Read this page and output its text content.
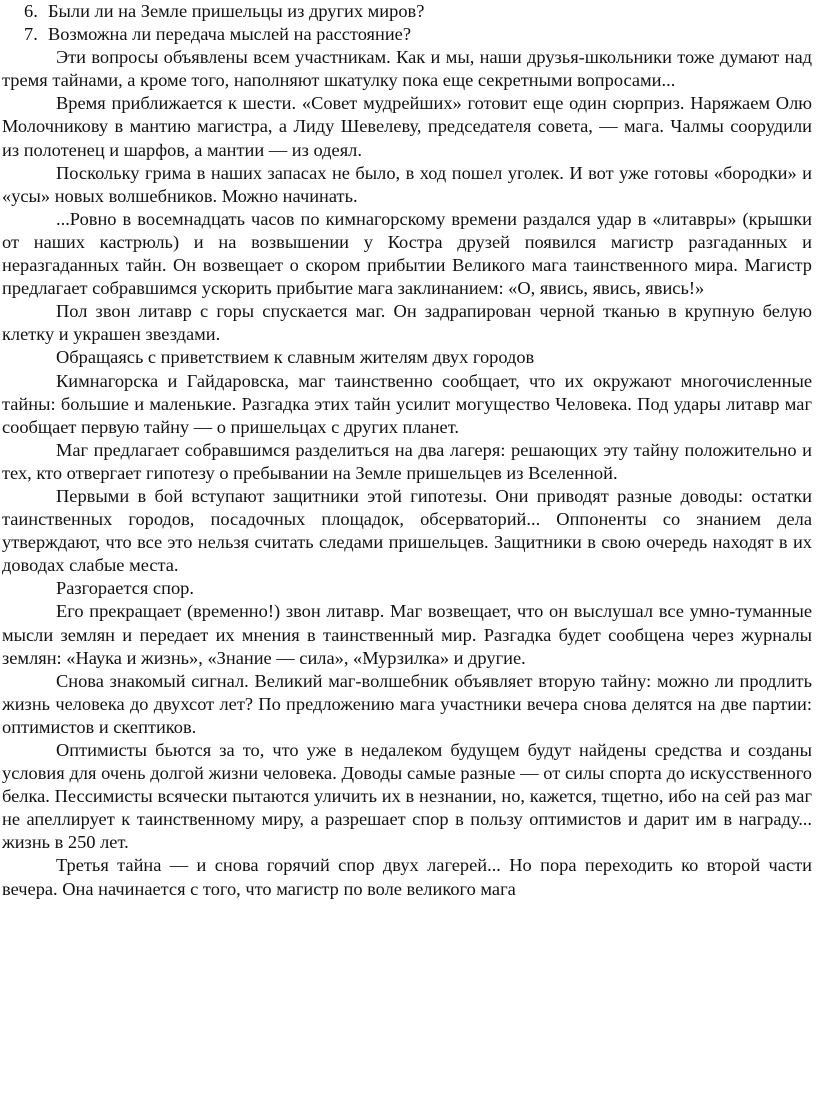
6. Были ли на Земле пришельцы из других миров?

7. Возможна ли передача мыслей на расстояние?

Эти вопросы объявлены всем участникам. Как и мы, наши друзья-школьники тоже думают над тремя тайнами, а кроме того, наполняют шкатулку пока еще секретными вопросами...

Время приближается к шести. «Совет мудрейших» готовит еще один сюрприз. Наряжаем Олю Молочникову в мантию магистра, а Лиду Шевелеву, председателя совета, — мага. Чалмы соорудили из полотенец и шарфов, а мантии — из одеял.

Поскольку грима в наших запасах не было, в ход пошел уголек. И вот уже готовы «бородки» и «усы» новых волшебников. Можно начинать.

...Ровно в восемнадцать часов по кимнагорскому времени раздался удар в «литавры» (крышки от наших кастрюль) и на возвышении у Костра друзей появился магистр разгаданных и неразгаданных тайн. Он возвещает о скором прибытии Великого мага таинственного мира. Магистр предлагает собравшимся ускорить прибытие мага заклинанием: «О, явись, явись, явись!»

Пол звон литавр с горы спускается маг. Он задрапирован черной тканью в крупную белую клетку и украшен звездами.

Обращаясь с приветствием к славным жителям двух городов

Кимнагорска и Гайдаровска, маг таинственно сообщает, что их окружают многочисленные тайны: большие и маленькие. Разгадка этих тайн усилит могущество Человека. Под удары литавр маг сообщает первую тайну — о пришельцах с других планет.

Маг предлагает собравшимся разделиться на два лагеря: решающих эту тайну положительно и тех, кто отвергает гипотезу о пребывании на Земле пришельцев из Вселенной.

Первыми в бой вступают защитники этой гипотезы. Они приводят разные доводы: остатки таинственных городов, посадочных площадок, обсерваторий... Оппоненты со знанием дела утверждают, что все это нельзя считать следами пришельцев. Защитники в свою очередь находят в их доводах слабые места.

Разгорается спор.

Его прекращает (временно!) звон литавр. Маг возвещает, что он выслушал все умно-туманные мысли землян и передает их мнения в таинственный мир. Разгадка будет сообщена через журналы землян: «Наука и жизнь», «Знание — сила», «Мурзилка» и другие.

Снова знакомый сигнал. Великий маг-волшебник объявляет вторую тайну: можно ли продлить жизнь человека до двухсот лет? По предложению мага участники вечера снова делятся на две партии: оптимистов и скептиков.

Оптимисты бьются за то, что уже в недалеком будущем будут найдены средства и созданы условия для очень долгой жизни человека. Доводы самые разные — от силы спорта до искусственного белка. Пессимисты всячески пытаются уличить их в незнании, но, кажется, тщетно, ибо на сей раз маг не апеллирует к таинственному миру, а разрешает спор в пользу оптимистов и дарит им в награду... жизнь в 250 лет.

Третья тайна — и снова горячий спор двух лагерей... Но пора переходить ко второй части вечера. Она начинается с того, что магистр по воле великого мага
